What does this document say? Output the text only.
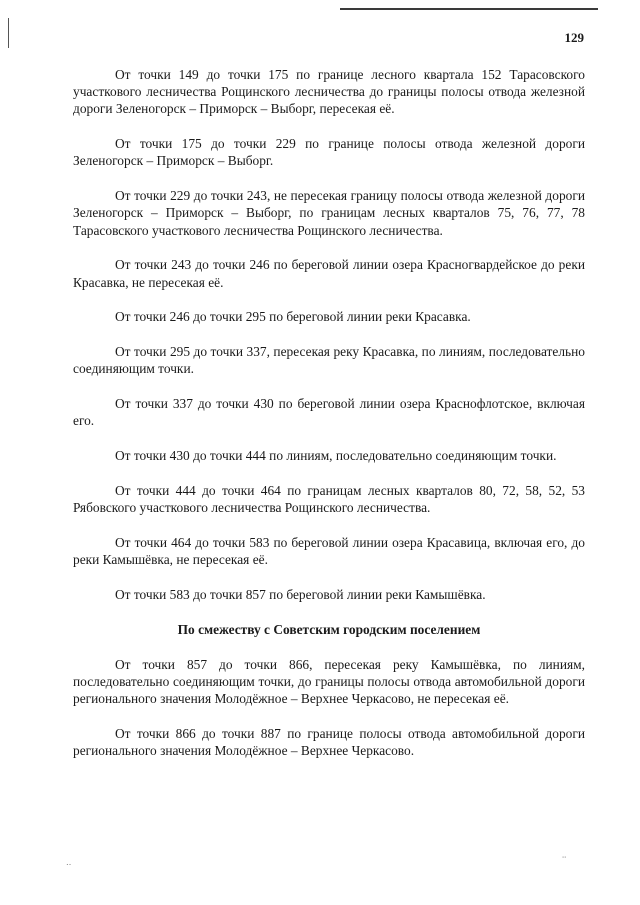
129

От точки 149 до точки 175 по границе лесного квартала 152 Тарасовского участкового лесничества Рощинского лесничества до границы полосы отвода железной дороги Зеленогорск – Приморск – Выборг, пересекая её.

От точки 175 до точки 229 по границе полосы отвода железной дороги Зеленогорск – Приморск – Выборг.

От точки 229 до точки 243, не пересекая границу полосы отвода железной дороги Зеленогорск – Приморск – Выборг, по границам лесных кварталов 75, 76, 77, 78 Тарасовского участкового лесничества Рощинского лесничества.

От точки 243 до точки 246 по береговой линии озера Красногвардейское до реки Красавка, не пересекая её.

От точки 246 до точки 295 по береговой линии реки Красавка.

От точки 295 до точки 337, пересекая реку Красавка, по линиям, последовательно соединяющим точки.

От точки 337 до точки 430 по береговой линии озера Краснофлотское, включая его.

От точки 430 до точки 444 по линиям, последовательно соединяющим точки.

От точки 444 до точки 464 по границам лесных кварталов 80, 72, 58, 52, 53 Рябовского участкового лесничества Рощинского лесничества.

От точки 464 до точки 583 по береговой линии озера Красавица, включая его, до реки Камышёвка, не пересекая её.

От точки 583 до точки 857 по береговой линии реки Камышёвка.

По смежеству с Советским городским поселением

От точки 857 до точки 866, пересекая реку Камышёвка, по линиям, последовательно соединяющим точки, до границы полосы отвода автомобильной дороги регионального значения Молодёжное – Верхнее Черкасово, не пересекая её.

От точки 866 до точки 887 по границе полосы отвода автомобильной дороги регионального значения Молодёжное – Верхнее Черкасово.

‥
⸱⸱
